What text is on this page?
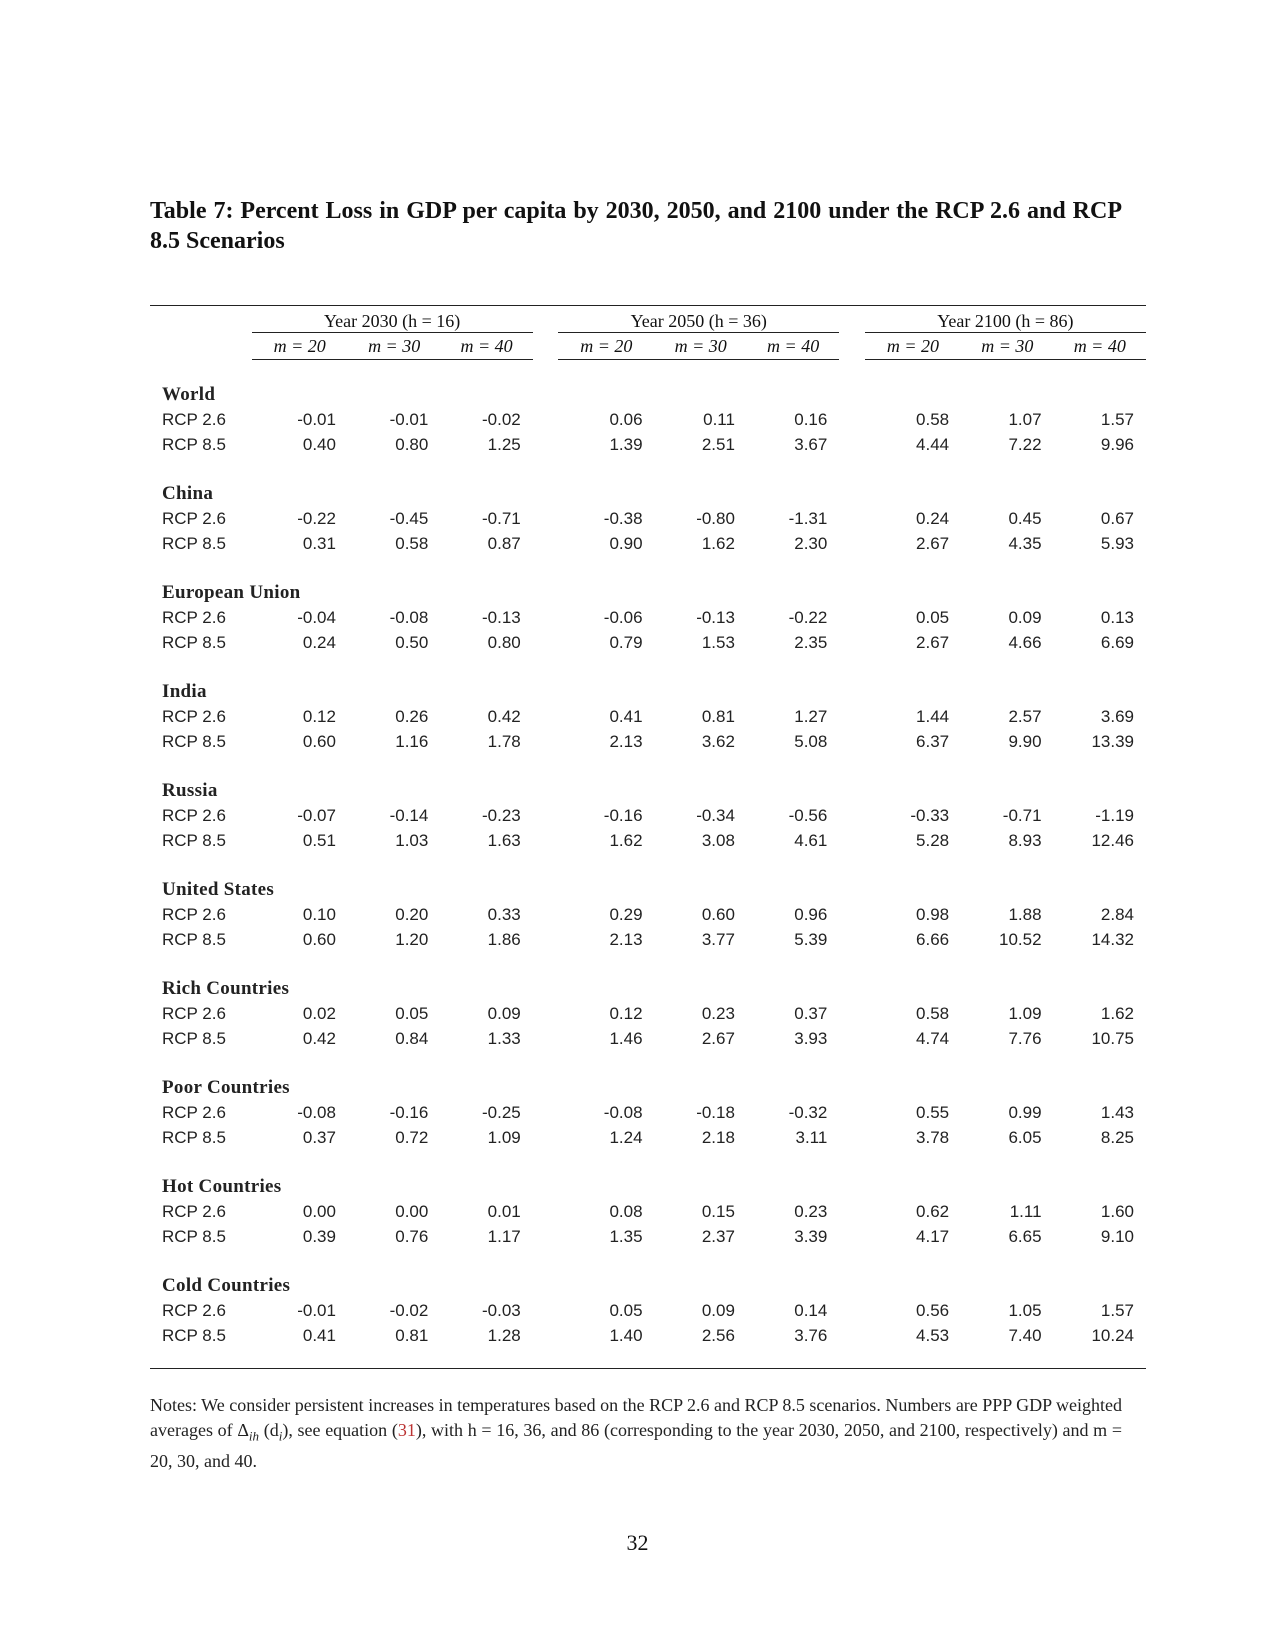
Table 7: Percent Loss in GDP per capita by 2030, 2050, and 2100 under the RCP 2.6 and RCP 8.5 Scenarios
	Year 2030 (h = 16)				Year 2050 (h = 36)				Year 2100 (h = 86)		
	m = 20	m = 30	m = 40		m = 20	m = 30	m = 40		m = 20	m = 30	m = 40

World											
RCP 2.6	-0.01	-0.01	-0.02		0.06	0.11	0.16		0.58	1.07	1.57
RCP 8.5	0.40	0.80	1.25		1.39	2.51	3.67		4.44	7.22	9.96

China											
RCP 2.6	-0.22	-0.45	-0.71		-0.38	-0.80	-1.31		0.24	0.45	0.67
RCP 8.5	0.31	0.58	0.87		0.90	1.62	2.30		2.67	4.35	5.93

European Union											
RCP 2.6	-0.04	-0.08	-0.13		-0.06	-0.13	-0.22		0.05	0.09	0.13
RCP 8.5	0.24	0.50	0.80		0.79	1.53	2.35		2.67	4.66	6.69

India											
RCP 2.6	0.12	0.26	0.42		0.41	0.81	1.27		1.44	2.57	3.69
RCP 8.5	0.60	1.16	1.78		2.13	3.62	5.08		6.37	9.90	13.39

Russia											
RCP 2.6	-0.07	-0.14	-0.23		-0.16	-0.34	-0.56		-0.33	-0.71	-1.19
RCP 8.5	0.51	1.03	1.63		1.62	3.08	4.61		5.28	8.93	12.46

United States											
RCP 2.6	0.10	0.20	0.33		0.29	0.60	0.96		0.98	1.88	2.84
RCP 8.5	0.60	1.20	1.86		2.13	3.77	5.39		6.66	10.52	14.32

Rich Countries											
RCP 2.6	0.02	0.05	0.09		0.12	0.23	0.37		0.58	1.09	1.62
RCP 8.5	0.42	0.84	1.33		1.46	2.67	3.93		4.74	7.76	10.75

Poor Countries											
RCP 2.6	-0.08	-0.16	-0.25		-0.08	-0.18	-0.32		0.55	0.99	1.43
RCP 8.5	0.37	0.72	1.09		1.24	2.18	3.11		3.78	6.05	8.25

Hot Countries											
RCP 2.6	0.00	0.00	0.01		0.08	0.15	0.23		0.62	1.11	1.60
RCP 8.5	0.39	0.76	1.17		1.35	2.37	3.39		4.17	6.65	9.10

Cold Countries											
RCP 2.6	-0.01	-0.02	-0.03		0.05	0.09	0.14		0.56	1.05	1.57
RCP 8.5	0.41	0.81	1.28		1.40	2.56	3.76		4.53	7.40	10.24

Notes: We consider persistent increases in temperatures based on the RCP 2.6 and RCP 8.5 scenarios. Numbers are PPP GDP weighted averages of $\Delta_{ih}$ $(d_i)$, see equation (31), with h = 16, 36, and 86 (corresponding to the year 2030, 2050, and 2100, respectively) and m = 20, 30, and 40.
32
